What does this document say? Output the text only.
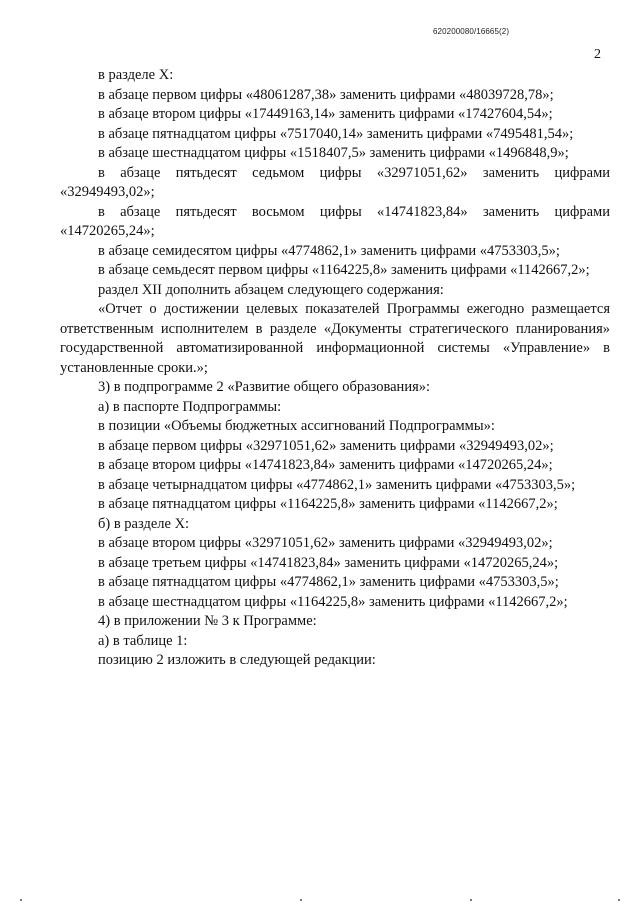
620200080/16665(2)
2

в разделе X:

в абзаце первом цифры «48061287,38» заменить цифрами «48039728,78»;

в абзаце втором цифры «17449163,14» заменить цифрами «17427604,54»;

в абзаце пятнадцатом цифры «7517040,14» заменить цифрами «7495481,54»;

в абзаце шестнадцатом цифры «1518407,5» заменить цифрами «1496848,9»;

в абзаце пятьдесят седьмом цифры «32971051,62» заменить цифрами «32949493,02»;

в абзаце пятьдесят восьмом цифры «14741823,84» заменить цифрами «14720265,24»;

в абзаце семидесятом цифры «4774862,1» заменить цифрами «4753303,5»;

в абзаце семьдесят первом цифры «1164225,8» заменить цифрами «1142667,2»;

раздел XII дополнить абзацем следующего содержания:

«Отчет о достижении целевых показателей Программы ежегодно размещается ответственным исполнителем в разделе «Документы стратегического планирования» государственной автоматизированной информационной системы «Управление» в установленные сроки.»;

3) в подпрограмме 2 «Развитие общего образования»:

а) в паспорте Подпрограммы:

в позиции «Объемы бюджетных ассигнований Подпрограммы»:

в абзаце первом цифры «32971051,62» заменить цифрами «32949493,02»;

в абзаце втором цифры «14741823,84» заменить цифрами «14720265,24»;

в абзаце четырнадцатом цифры «4774862,1» заменить цифрами «4753303,5»;

в абзаце пятнадцатом цифры «1164225,8» заменить цифрами «1142667,2»;

б) в разделе X:

в абзаце втором цифры «32971051,62» заменить цифрами «32949493,02»;

в абзаце третьем цифры «14741823,84» заменить цифрами «14720265,24»;

в абзаце пятнадцатом цифры «4774862,1» заменить цифрами «4753303,5»;

в абзаце шестнадцатом цифры «1164225,8» заменить цифрами «1142667,2»;

4) в приложении № 3 к Программе:

а) в таблице 1:

позицию 2 изложить в следующей редакции:
